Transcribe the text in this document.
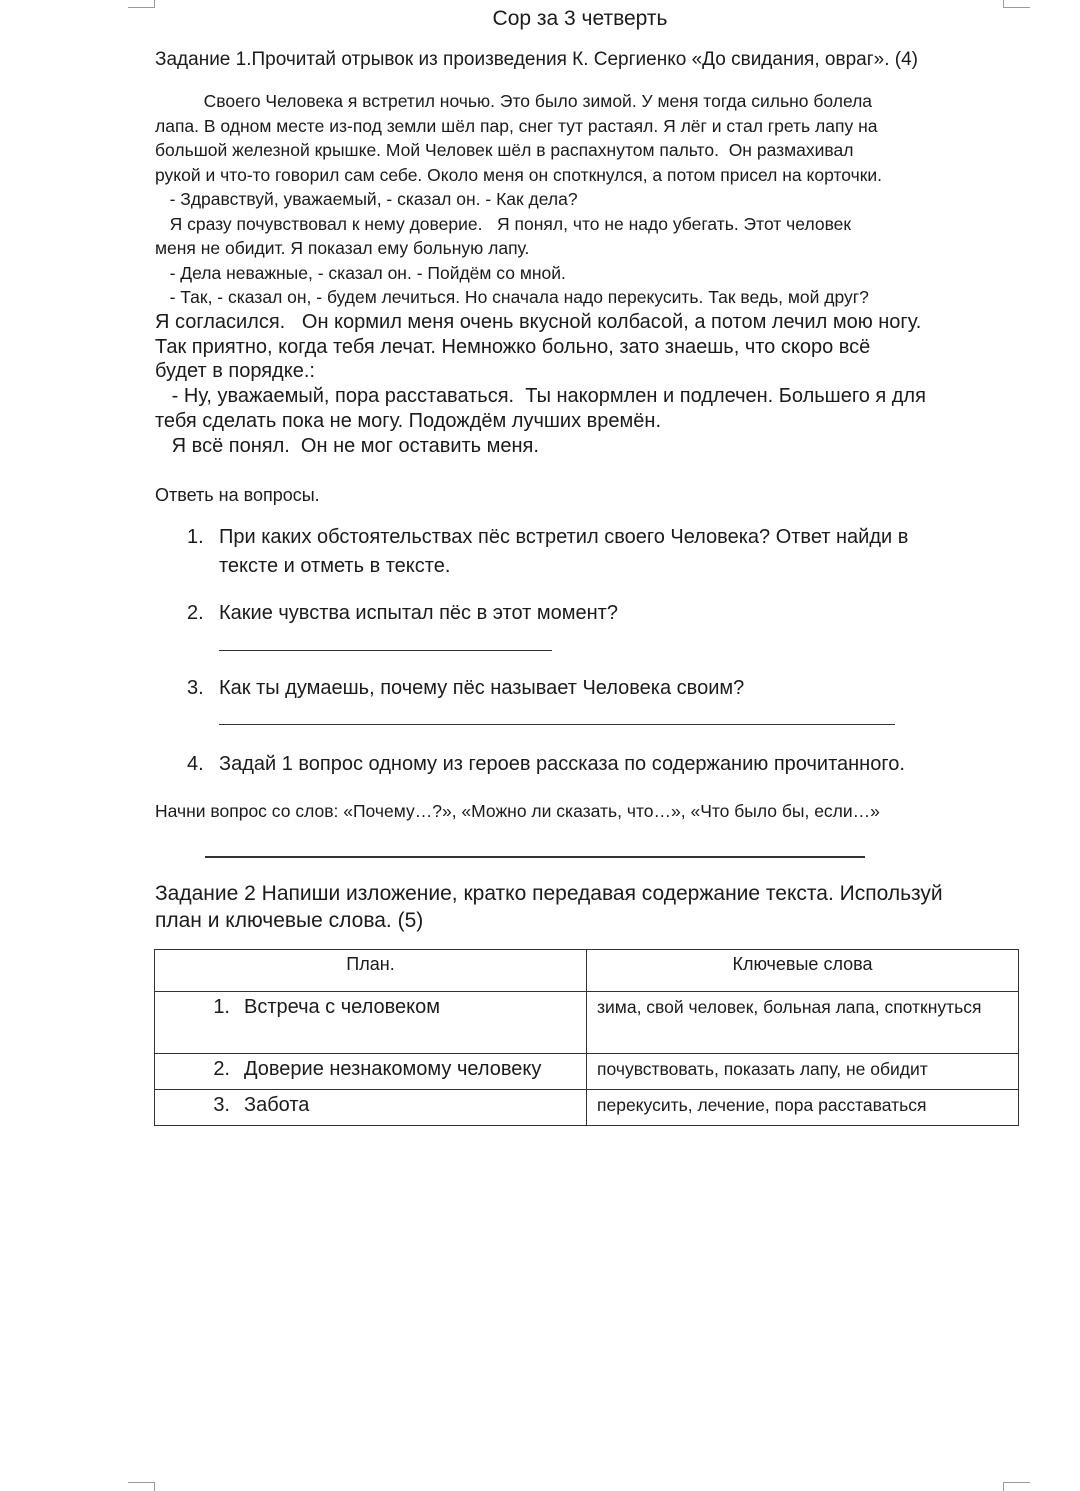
Сор за 3 четверть
Задание 1.Прочитай отрывок из произведения К. Сергиенко «До свидания, овраг». (4)
Своего Человека я встретил ночью. Это было зимой. У меня тогда сильно болела
лапа. В одном месте из-под земли шёл пар, снег тут растаял. Я лёг и стал греть лапу на
большой железной крышке. Мой Человек шёл в распахнутом пальто.  Он размахивал
рукой и что-то говорил сам себе. Около меня он споткнулся, а потом присел на корточки.
- Здравствуй, уважаемый, - сказал он. - Как дела?
Я сразу почувствовал к нему доверие.   Я понял, что не надо убегать. Этот человек
меня не обидит. Я показал ему больную лапу.
- Дела неважные, - сказал он. - Пойдём со мной.
- Так, - сказал он, - будем лечиться. Но сначала надо перекусить. Так ведь, мой друг?
Я согласился.   Он кормил меня очень вкусной колбасой, а потом лечил мою ногу.
Так приятно, когда тебя лечат. Немножко больно, зато знаешь, что скоро всё
будет в порядке.:
- Ну, уважаемый, пора расставаться.  Ты накормлен и подлечен. Большего я для
тебя сделать пока не могу. Подождём лучших времён.
Я всё понял.  Он не мог оставить меня.
Ответь на вопросы.
1. При каких обстоятельствах пёс встретил своего Человека? Ответ найди в
тексте и отметь в тексте.
2. Какие чувства испытал пёс в этот момент?
3. Как ты думаешь, почему пёс называет Человека своим?
4. Задай 1 вопрос одному из героев рассказа по содержанию прочитанного.
Начни вопрос со слов: «Почему…?», «Можно ли сказать, что…», «Что было бы, если…»
Задание 2 Напиши изложение, кратко передавая содержание текста. Используй
план и ключевые слова. (5)
План.	Ключевые слова
1. Встреча с человеком	зима, свой человек, больная лапа, споткнуться
2. Доверие незнакомому человеку	почувствовать, показать лапу, не обидит
3. Забота	перекусить, лечение, пора расставаться
